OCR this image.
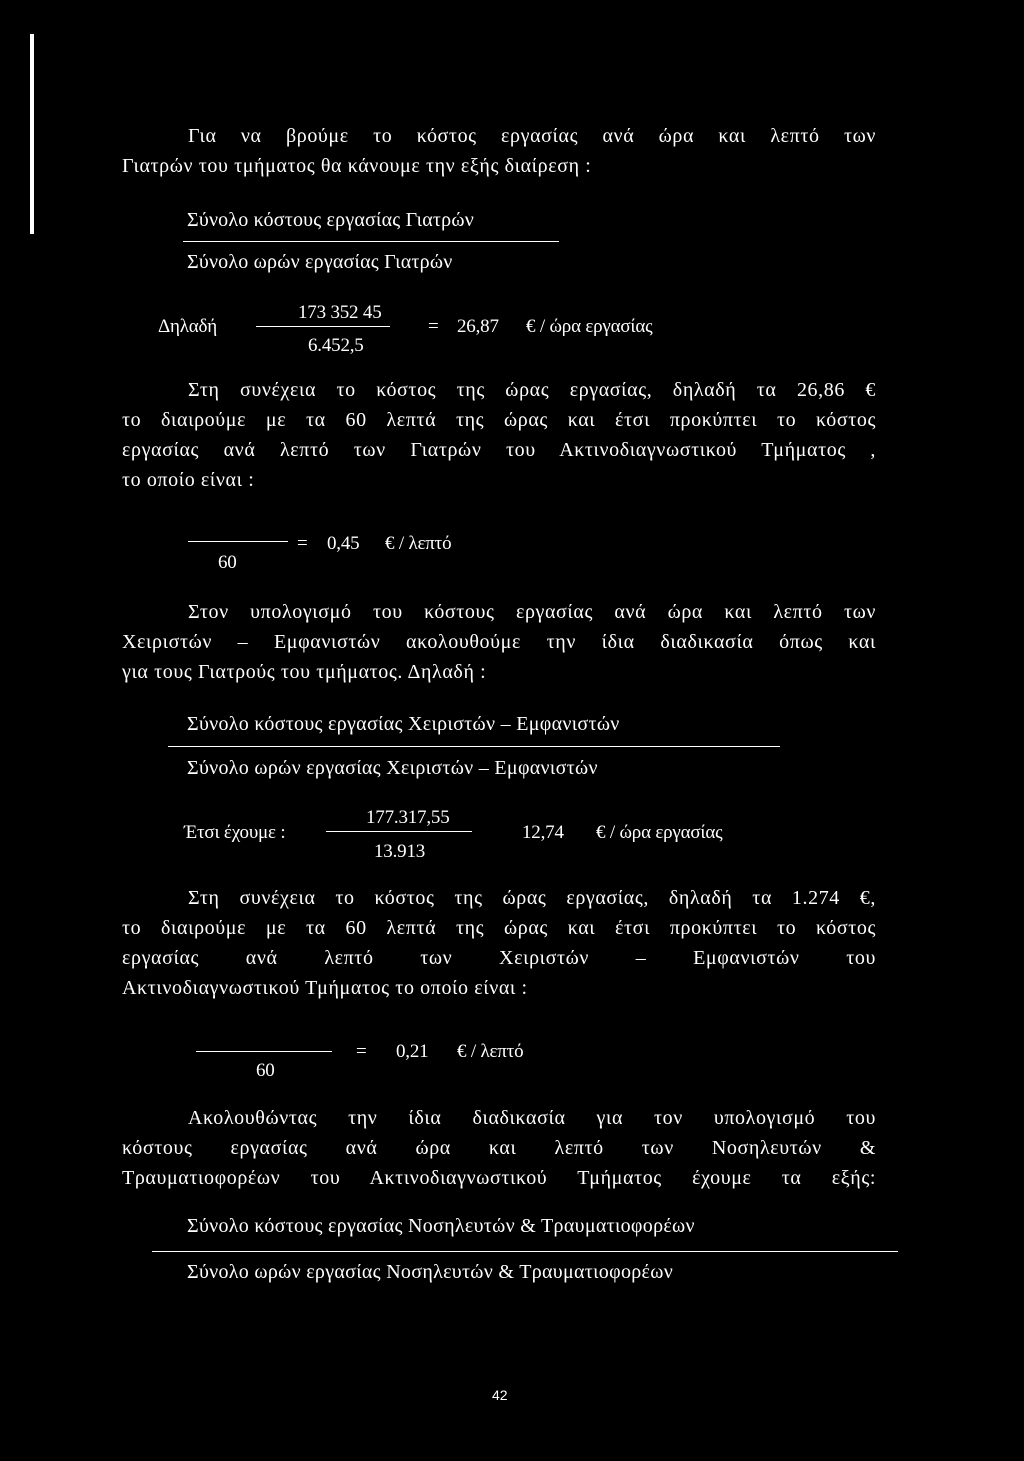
Για να βρούμε το κόστος εργασίας ανά ώρα και λεπτό των
Γιατρών του τμήματος θα κάνουμε την εξής διαίρεση :
Σύνολο κόστους εργασίας Γιατρών
Σύνολο ωρών εργασίας Γιατρών
Δηλαδή
173 352 45
6.452,5
= 26,87 € / ώρα εργασίας
Στη συνέχεια το κόστος της ώρας εργασίας, δηλαδή τα 26,86 €
το διαιρούμε με τα 60 λεπτά της ώρας και έτσι προκύπτει το κόστος
εργασίας ανά λεπτό των Γιατρών του Ακτινοδιαγνωστικού Τμήματος ,
το οποίο είναι :
60
= 0,45 € / λεπτό
Στον υπολογισμό του κόστους εργασίας ανά ώρα και λεπτό των
Χειριστών – Εμφανιστών ακολουθούμε την ίδια διαδικασία όπως και
για τους Γιατρούς του τμήματος. Δηλαδή :
Σύνολο κόστους εργασίας Χειριστών – Εμφανιστών
Σύνολο ωρών εργασίας Χειριστών – Εμφανιστών
Έτσι έχουμε :
177.317,55
13.913
12,74 € / ώρα εργασίας
Στη συνέχεια το κόστος της ώρας εργασίας, δηλαδή τα 1.274 €,
το διαιρούμε με τα 60 λεπτά της ώρας και έτσι προκύπτει το κόστος
εργασίας ανά λεπτό των Χειριστών – Εμφανιστών του
Ακτινοδιαγνωστικού Τμήματος το οποίο είναι :
60
= 0,21 € / λεπτό
Ακολουθώντας την ίδια διαδικασία για τον υπολογισμό του
κόστους εργασίας ανά ώρα και λεπτό των Νοσηλευτών &
Τραυματιοφορέων του Ακτινοδιαγνωστικού Τμήματος έχουμε τα εξής:
Σύνολο κόστους εργασίας Νοσηλευτών & Τραυματιοφορέων
Σύνολο ωρών εργασίας Νοσηλευτών & Τραυματιοφορέων
42
